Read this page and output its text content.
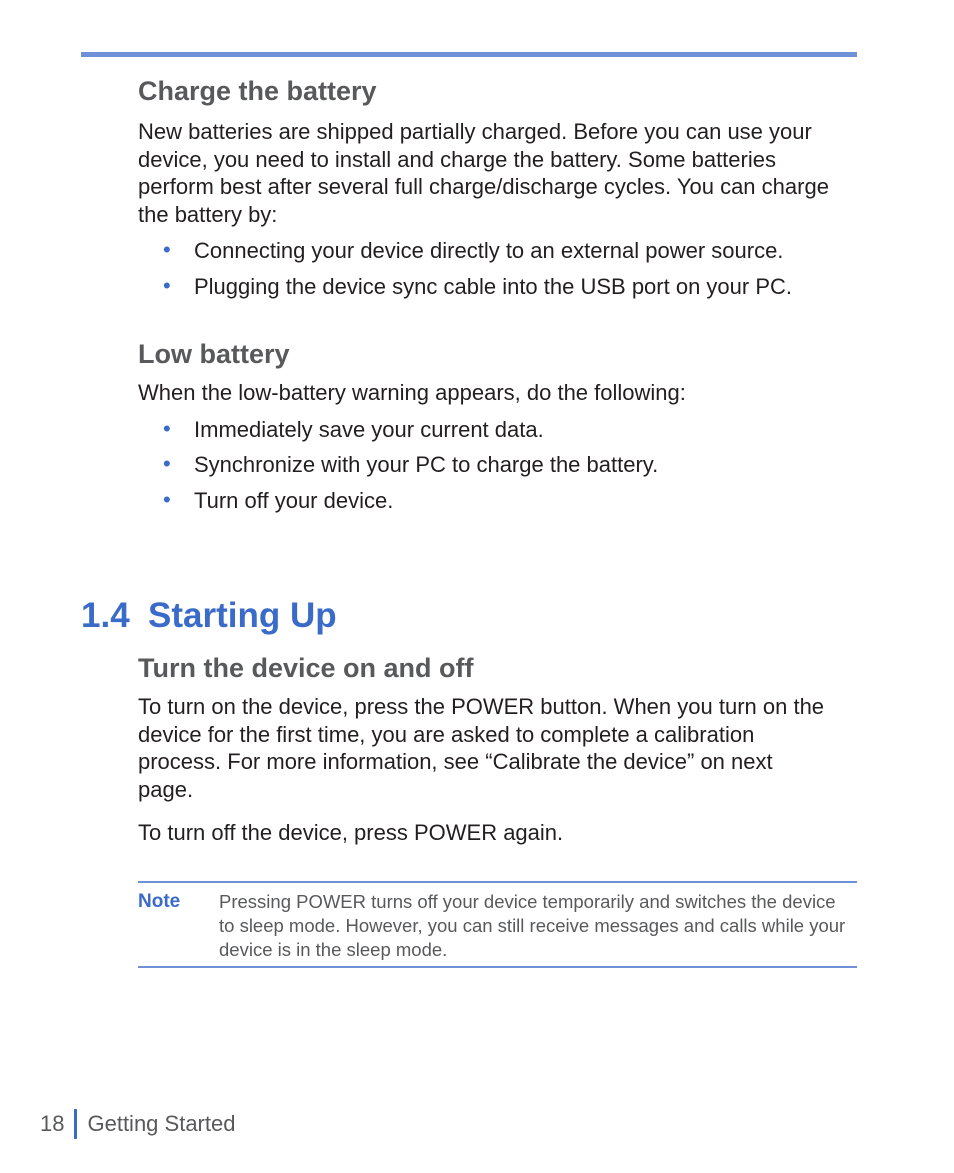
Charge the battery

New batteries are shipped partially charged. Before you can use your device, you need to install and charge the battery. Some batteries perform best after several full charge/discharge cycles. You can charge the battery by:

• Connecting your device directly to an external power source.
• Plugging the device sync cable into the USB port on your PC.
Low battery

When the low-battery warning appears, do the following:

• Immediately save your current data.
• Synchronize with your PC to charge the battery.
• Turn off your device.
1.4 Starting Up
Turn the device on and off

To turn on the device, press the POWER button. When you turn on the device for the first time, you are asked to complete a calibration process. For more information, see “Calibrate the device” on next page.

To turn off the device, press POWER again.

Note Pressing POWER turns off your device temporarily and switches the device to sleep mode. However, you can still receive messages and calls while your device is in the sleep mode.
18 Getting Started
